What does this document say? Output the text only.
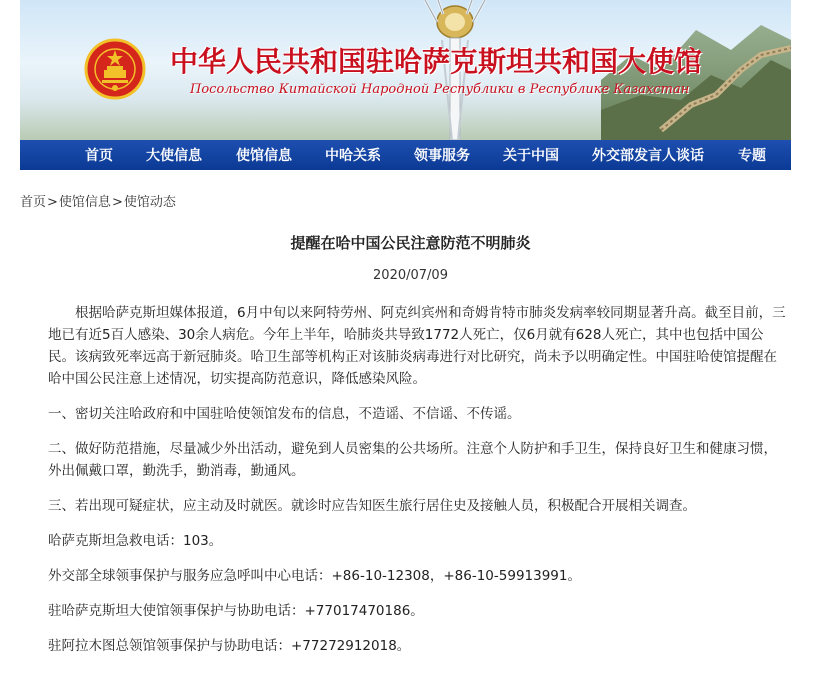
中华人民共和国驻哈萨克斯坦共和国大使馆
Посольство Китайской Народной Республики в Республике Казахстан
首页 大使信息 使馆信息 中哈关系 领事服务 关于中国 外交部发言人谈话 专题
首页>使馆信息>使馆动态
提醒在哈中国公民注意防范不明肺炎
2020/07/09

根据哈萨克斯坦媒体报道，6月中旬以来阿特劳州、阿克纠宾州和奇姆肯特市肺炎发病率较同期显著升高。截至目前，三地已有近5百人感染、30余人病危。今年上半年，哈肺炎共导致1772人死亡，仅6月就有628人死亡，其中也包括中国公民。该病致死率远高于新冠肺炎。哈卫生部等机构正对该肺炎病毒进行对比研究，尚未予以明确定性。中国驻哈使馆提醒在哈中国公民注意上述情况，切实提高防范意识，降低感染风险。

一、密切关注哈政府和中国驻哈使领馆发布的信息，不造谣、不信谣、不传谣。

二、做好防范措施，尽量减少外出活动，避免到人员密集的公共场所。注意个人防护和手卫生，保持良好卫生和健康习惯，外出佩戴口罩，勤洗手，勤消毒，勤通风。

三、若出现可疑症状，应主动及时就医。就诊时应告知医生旅行居住史及接触人员，积极配合开展相关调查。

哈萨克斯坦急救电话：103。

外交部全球领事保护与服务应急呼叫中心电话：+86-10-12308，+86-10-59913991。

驻哈萨克斯坦大使馆领事保护与协助电话：+77017470186。

驻阿拉木图总领馆领事保护与协助电话：+77272912018。
